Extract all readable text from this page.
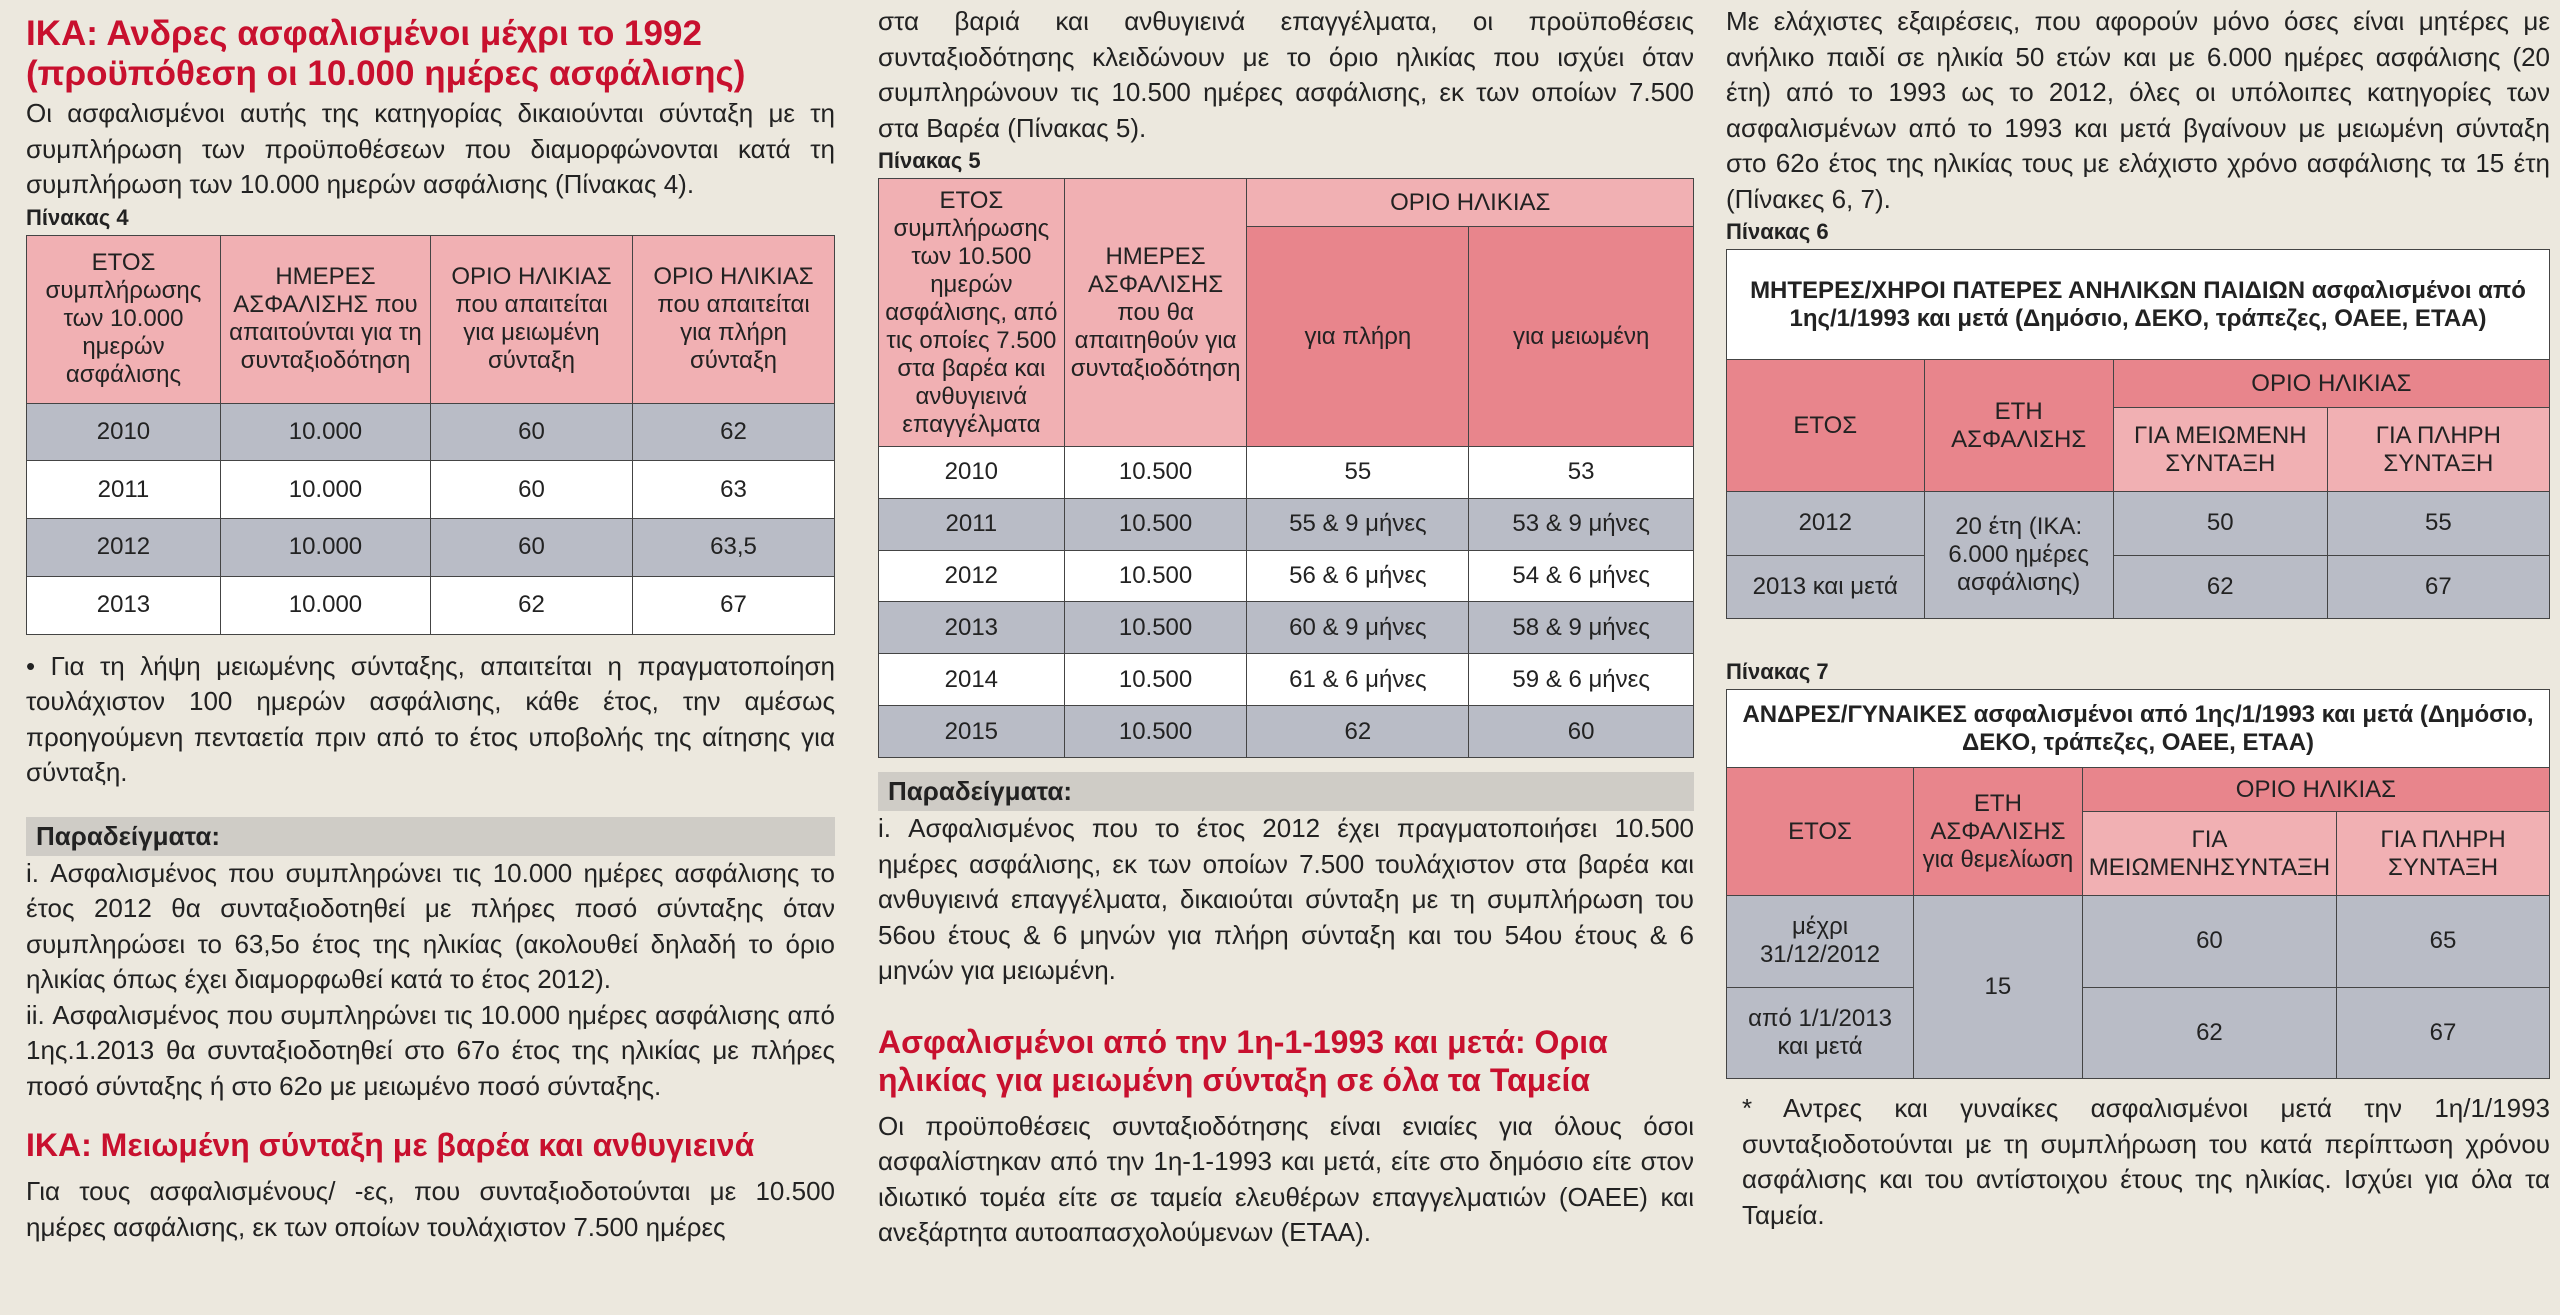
ΙΚΑ: Ανδρες ασφαλισμένοι μέχρι το 1992 (προϋπόθεση οι 10.000 ημέρες ασφάλισης)

Οι ασφαλισμένοι αυτής της κατηγορίας δικαιούνται σύνταξη με τη συμπλήρωση των προϋποθέσεων που διαμορφώνονται κατά τη συμπλήρωση των 10.000 ημερών ασφάλισης (Πίνακας 4).

Πίνακας 4
ΕΤΟΣ συμπλήρωσης των 10.000 ημερών ασφάλισης	ΗΜΕΡΕΣ ΑΣΦΑΛΙΣΗΣ που απαιτούνται για τη συνταξιοδότηση	ΟΡΙΟ ΗΛΙΚΙΑΣ που απαιτείται για μειωμένη σύνταξη	ΟΡΙΟ ΗΛΙΚΙΑΣ που απαιτείται για πλήρη σύνταξη
2010	10.000	60	62
2011	10.000	60	63
2012	10.000	60	63,5
2013	10.000	62	67

• Για τη λήψη μειωμένης σύνταξης, απαιτείται η πραγματοποίηση τουλάχιστον 100 ημερών ασφάλισης, κάθε έτος, την αμέσως προηγούμενη πενταετία πριν από το έτος υποβολής της αίτησης για σύνταξη.

Παραδείγματα:

i. Ασφαλισμένος που συμπληρώνει τις 10.000 ημέρες ασφάλισης το έτος 2012 θα συνταξιοδοτηθεί με πλήρες ποσό σύνταξης όταν συμπληρώσει το 63,5ο έτος της ηλικίας (ακολουθεί δηλαδή το όριο ηλικίας όπως έχει διαμορφωθεί κατά το έτος 2012).

ii. Ασφαλισμένος που συμπληρώνει τις 10.000 ημέρες ασφάλισης από 1ης.1.2013 θα συνταξιοδοτηθεί στο 67ο έτος της ηλικίας με πλήρες ποσό σύνταξης ή στο 62ο με μειωμένο ποσό σύνταξης.

ΙΚΑ: Μειωμένη σύνταξη με βαρέα και ανθυγιεινά

Για τους ασφαλισμένους/ -ες, που συνταξιοδοτούνται με 10.500 ημέρες ασφάλισης, εκ των οποίων τουλάχιστον 7.500 ημέρες

στα βαριά και ανθυγιεινά επαγγέλματα, οι προϋποθέσεις συνταξιοδότησης κλειδώνουν με το όριο ηλικίας που ισχύει όταν συμπληρώνουν τις 10.500 ημέρες ασφάλισης, εκ των οποίων 7.500 στα Βαρέα (Πίνακας 5).

Πίνακας 5
ΕΤΟΣ συμπλήρωσης των 10.500 ημερών ασφάλισης, από τις οποίες 7.500 στα βαρέα και ανθυγιεινά επαγγέλματα	ΗΜΕΡΕΣ ΑΣΦΑΛΙΣΗΣ που θα απαιτηθούν για συνταξιοδότηση	ΟΡΙΟ ΗΛΙΚΙΑΣ	
		για πλήρη	για μειωμένη
2010	10.500	55	53
2011	10.500	55 & 9 μήνες	53 & 9 μήνες
2012	10.500	56 & 6 μήνες	54 & 6 μήνες
2013	10.500	60 & 9 μήνες	58 & 9 μήνες
2014	10.500	61 & 6 μήνες	59 & 6 μήνες
2015	10.500	62	60
Παραδείγματα:

i. Ασφαλισμένος που το έτος 2012 έχει πραγματοποιήσει 10.500 ημέρες ασφάλισης, εκ των οποίων 7.500 τουλάχιστον στα βαρέα και ανθυγιεινά επαγγέλματα, δικαιούται σύνταξη με τη συμπλήρωση του 56ου έτους & 6 μηνών για πλήρη σύνταξη και του 54ου έτους & 6 μηνών για μειωμένη.

Ασφαλισμένοι από την 1η-1-1993 και μετά: Ορια ηλικίας για μειωμένη σύνταξη σε όλα τα Ταμεία

Οι προϋποθέσεις συνταξιοδότησης είναι ενιαίες για όλους όσοι ασφαλίστηκαν από την 1η-1-1993 και μετά, είτε στο δημόσιο είτε στον ιδιωτικό τομέα είτε σε ταμεία ελευθέρων επαγγελματιών (ΟΑΕΕ) και ανεξάρτητα αυτοαπασχολούμενων (ΕΤΑΑ).

Με ελάχιστες εξαιρέσεις, που αφορούν μόνο όσες είναι μητέρες με ανήλικο παιδί σε ηλικία 50 ετών και με 6.000 ημέρες ασφάλισης (20 έτη) από το 1993 ως το 2012, όλες οι υπόλοιπες κατηγορίες των ασφαλισμένων από το 1993 και μετά βγαίνουν με μειωμένη σύνταξη στο 62ο έτος της ηλικίας τους με ελάχιστο χρόνο ασφάλισης τα 15 έτη (Πίνακες 6, 7).

Πίνακας 6
ΜΗΤΕΡΕΣ/ΧΗΡΟΙ ΠΑΤΕΡΕΣ ΑΝΗΛΙΚΩΝ ΠΑΙΔΙΩΝ ασφαλισμένοι από 1ης/1/1993 και μετά (Δημόσιο, ΔΕΚΟ, τράπεζες, ΟΑΕΕ, ΕΤΑΑ)			
ΕΤΟΣ	ΕΤΗ ΑΣΦΑΛΙΣΗΣ	ΟΡΙΟ ΗΛΙΚΙΑΣ	
		ΓΙΑ ΜΕΙΩΜΕΝΗ ΣΥΝΤΑΞΗ	ΓΙΑ ΠΛΗΡΗ ΣΥΝΤΑΞΗ
2012	20 έτη (ΙΚΑ: 6.000 ημέρες ασφάλισης)	50	55
2013 και μετά		62	67
Πίνακας 7
ΑΝΔΡΕΣ/ΓΥΝΑΙΚΕΣ ασφαλισμένοι από 1ης/1/1993 και μετά (Δημόσιο, ΔΕΚΟ, τράπεζες, ΟΑΕΕ, ΕΤΑΑ)			
ΕΤΟΣ	ΕΤΗ ΑΣΦΑΛΙΣΗΣ για θεμελίωση	ΟΡΙΟ ΗΛΙΚΙΑΣ	
		ΓΙΑ ΜΕΙΩΜΕΝΗΣΥΝΤΑΞΗ	ΓΙΑ ΠΛΗΡΗ ΣΥΝΤΑΞΗ
μέχρι 31/12/2012	15	60	65
από 1/1/2013 και μετά		62	67

* Αντρες και γυναίκες ασφαλισμένοι μετά την 1η/1/1993 συνταξιοδοτούνται με τη συμπλήρωση του κατά περίπτωση χρόνου ασφάλισης και του αντίστοιχου έτους της ηλικίας. Ισχύει για όλα τα Ταμεία.
